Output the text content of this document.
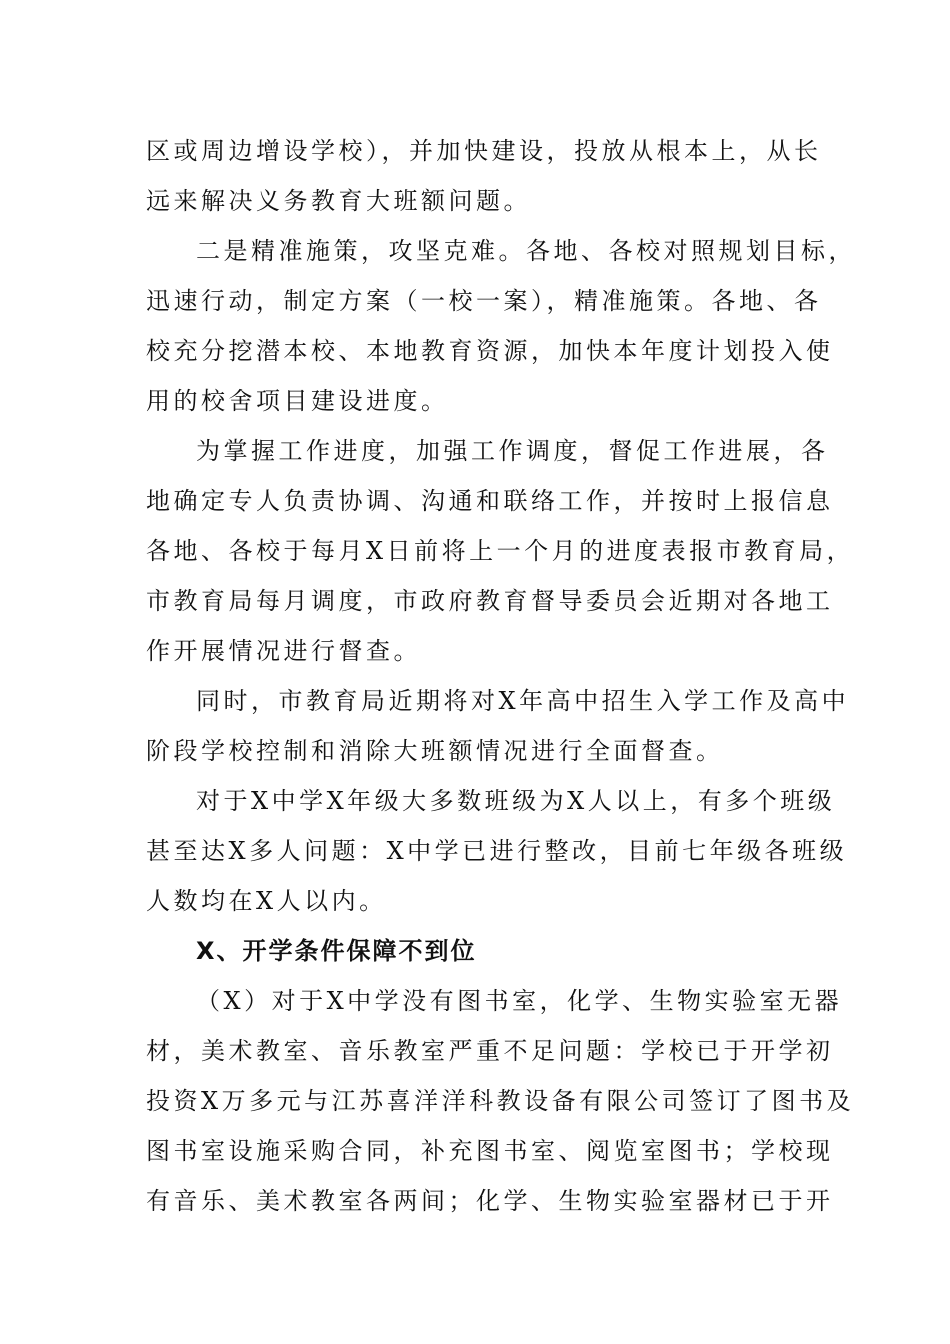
区或周边增设学校），并加快建设，投放从根本上，从长
远来解决义务教育大班额问题。
二是精准施策，攻坚克难。各地、各校对照规划目标，
迅速行动，制定方案（一校一案），精准施策。各地、各
校充分挖潜本校、本地教育资源，加快本年度计划投入使
用的校舍项目建设进度。
为掌握工作进度，加强工作调度，督促工作进展，各
地确定专人负责协调、沟通和联络工作，并按时上报信息
各地、各校于每月X日前将上一个月的进度表报市教育局，
市教育局每月调度，市政府教育督导委员会近期对各地工
作开展情况进行督查。
同时，市教育局近期将对X年高中招生入学工作及高中
阶段学校控制和消除大班额情况进行全面督查。
对于X中学X年级大多数班级为X人以上，有多个班级
甚至达X多人问题：X中学已进行整改，目前七年级各班级
人数均在X人以内。
X、开学条件保障不到位
（X）对于X中学没有图书室，化学、生物实验室无器
材，美术教室、音乐教室严重不足问题：学校已于开学初
投资X万多元与江苏喜洋洋科教设备有限公司签订了图书及
图书室设施采购合同，补充图书室、阅览室图书；学校现
有音乐、美术教室各两间；化学、生物实验室器材已于开
